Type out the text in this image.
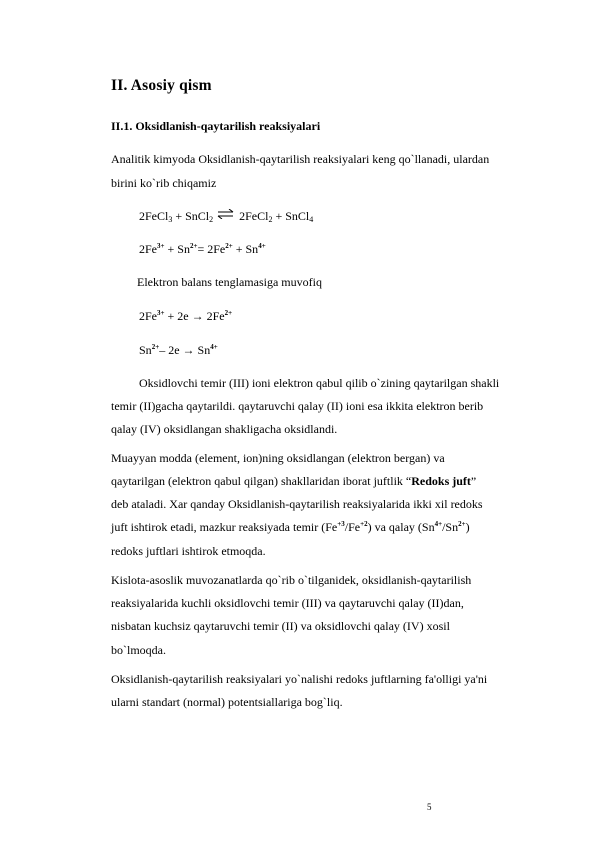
II. Asosiy qism
II.1. Oksidlanish-qaytarilish reaksiyalari
Analitik kimyoda Oksidlanish-qaytarilish reaksiyalari keng qo`llanadi, ulardan
birini ko`rib chiqamiz
2FeCl$_3$ + SnCl$_2$ ⇌ 2FeCl$_2$ + SnCl$_4$
$2Fe^{3+} + Sn^{2+}= 2Fe^{2+} + Sn^{4+}$
Elektron balans tenglamasiga muvofiq
$2Fe^{3+} + 2e \to 2Fe^{2+}$
$Sn^{2+}-$ $2e \to Sn^{4+}$
Oksidlovchi temir (III) ioni elektron qabul qilib o`zining qaytarilgan shakli
temir (II)gacha qaytarildi. qaytaruvchi qalay (II) ioni esa ikkita elektron berib
qalay (IV) oksidlangan shakligacha oksidlandi.
Muayyan modda (element, ion)ning oksidlangan (elektron bergan) va
qaytarilgan (elektron qabul qilgan) shakllaridan iborat juftlik “Redoks juft”
deb ataladi. Xar qanday Oksidlanish-qaytarilish reaksiyalarida ikki xil redoks
juft ishtirok etadi, mazkur reaksiyada temir $(Fe^{+3}/Fe^{+2})$ va qalay $(Sn^{4+}/Sn^{2+})$
redoks juftlari ishtirok etmoqda.
Kislota-asoslik muvozanatlarda qo`rib o`tilganidek, oksidlanish-qaytarilish
reaksiyalarida kuchli oksidlovchi temir (III) va qaytaruvchi qalay (II)dan,
nisbatan kuchsiz qaytaruvchi temir (II) va oksidlovchi qalay (IV) xosil
bo`lmoqda.
Oksidlanish-qaytarilish reaksiyalari yo`nalishi redoks juftlarning fa'olligi ya'ni
ularni standart (normal) potentsiallariga bog`liq.
5
